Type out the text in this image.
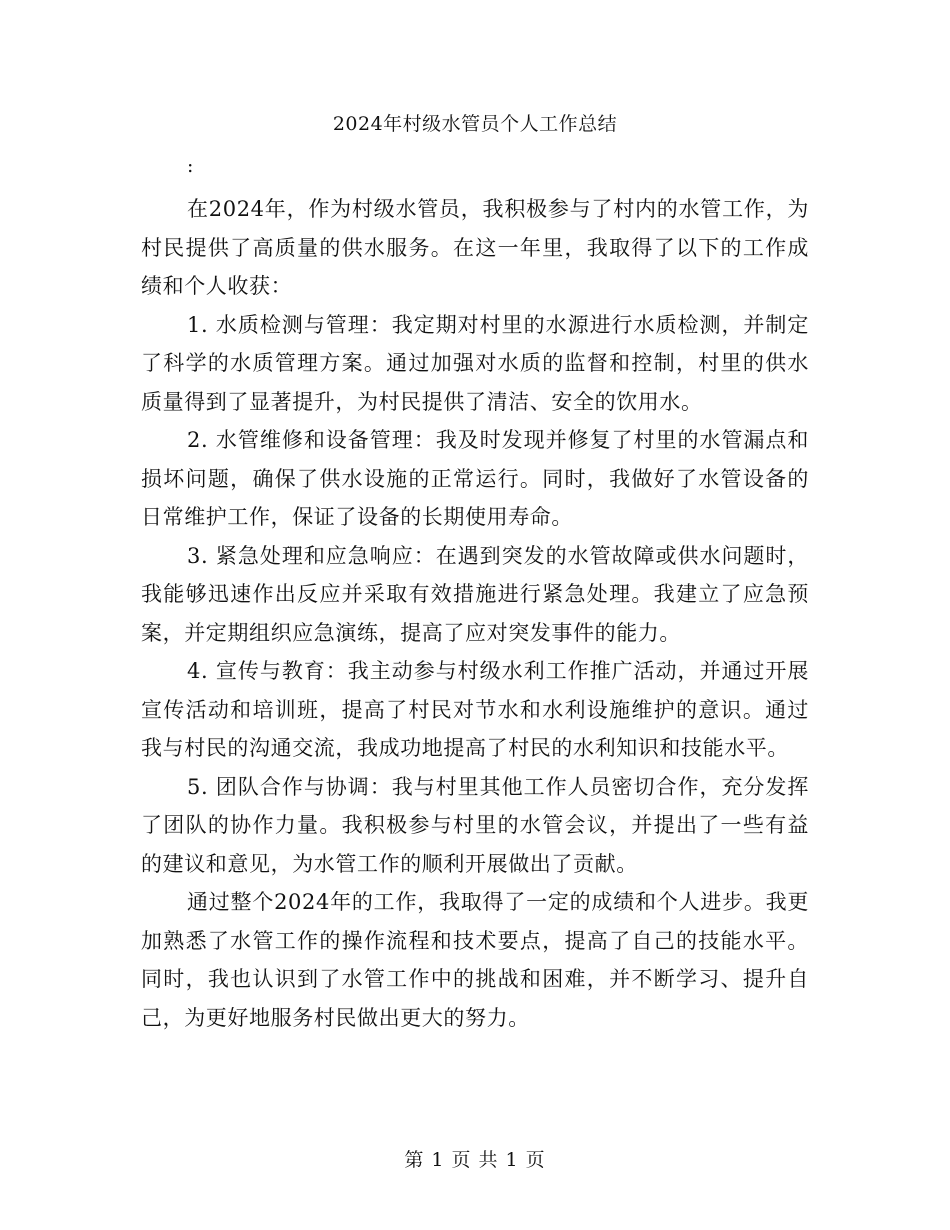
2024年村级水管员个人工作总结
:

在2024年，作为村级水管员，我积极参与了村内的水管工作，为村民提供了高质量的供水服务。在这一年里，我取得了以下的工作成绩和个人收获：

1. 水质检测与管理：我定期对村里的水源进行水质检测，并制定了科学的水质管理方案。通过加强对水质的监督和控制，村里的供水质量得到了显著提升，为村民提供了清洁、安全的饮用水。

2. 水管维修和设备管理：我及时发现并修复了村里的水管漏点和损坏问题，确保了供水设施的正常运行。同时，我做好了水管设备的日常维护工作，保证了设备的长期使用寿命。

3. 紧急处理和应急响应：在遇到突发的水管故障或供水问题时，我能够迅速作出反应并采取有效措施进行紧急处理。我建立了应急预案，并定期组织应急演练，提高了应对突发事件的能力。

4. 宣传与教育：我主动参与村级水利工作推广活动，并通过开展宣传活动和培训班，提高了村民对节水和水利设施维护的意识。通过我与村民的沟通交流，我成功地提高了村民的水利知识和技能水平。

5. 团队合作与协调：我与村里其他工作人员密切合作，充分发挥了团队的协作力量。我积极参与村里的水管会议，并提出了一些有益的建议和意见，为水管工作的顺利开展做出了贡献。

通过整个2024年的工作，我取得了一定的成绩和个人进步。我更加熟悉了水管工作的操作流程和技术要点，提高了自己的技能水平。同时，我也认识到了水管工作中的挑战和困难，并不断学习、提升自己，为更好地服务村民做出更大的努力。

第 1 页 共 1 页
